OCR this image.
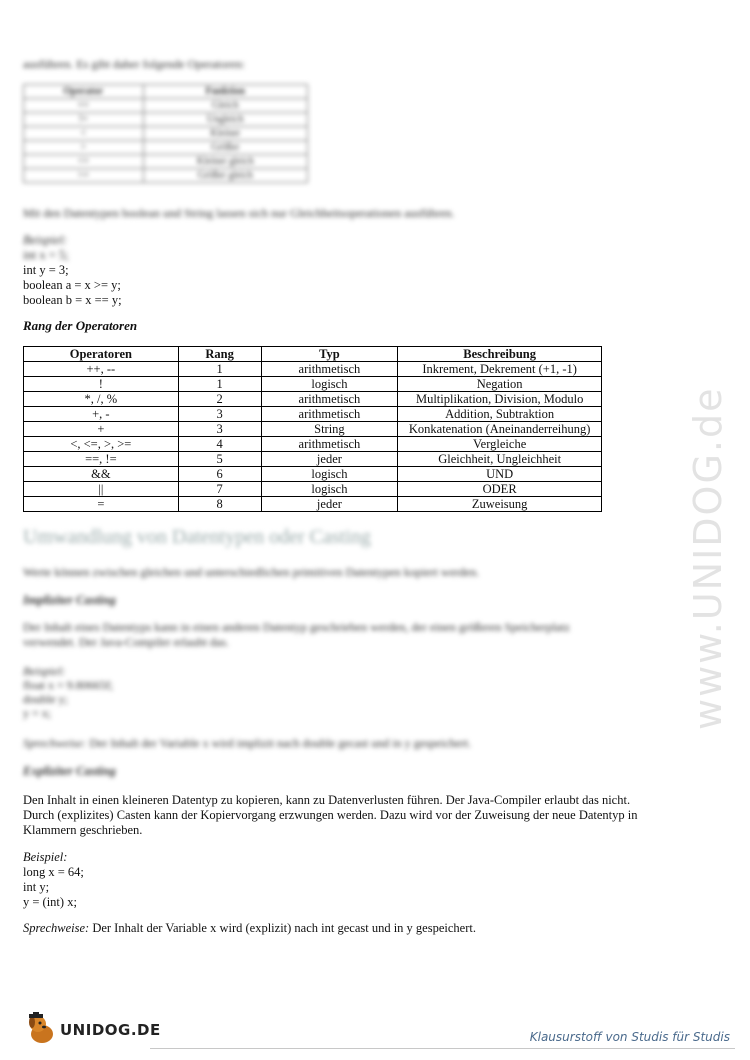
ausführen. Es gibt daher folgende Operatoren:
Operator	Funktion
==	Gleich
!=	Ungleich
<	Kleiner
>	Größer
<=	Kleiner gleich
>=	Größer gleich
Mit den Datentypen boolean und String lassen sich nur Gleichheitsoperationen ausführen.
Beispiel:
int x = 5;
int y = 3;
boolean a = x >= y;
boolean b = x == y;
Rang der Operatoren
Operatoren	Rang	Typ	Beschreibung
++, --	1	arithmetisch	Inkrement, Dekrement (+1, -1)
!	1	logisch	Negation
*, /, %	2	arithmetisch	Multiplikation, Division, Modulo
+, -	3	arithmetisch	Addition, Subtraktion
+	3	String	Konkatenation (Aneinanderreihung)
<, <=, >, >=	4	arithmetisch	Vergleiche
==, !=	5	jeder	Gleichheit, Ungleichheit
&&	6	logisch	UND
||	7	logisch	ODER
=	8	jeder	Zuweisung
Umwandlung von Datentypen oder Casting
Werte können zwischen gleichen und unterschiedlichen primitiven Datentypen kopiert werden.
Impliziter Casting
Der Inhalt eines Datentyps kann in einen anderen Datentyp geschrieben werden, der einen größeren Speicherplatz verwendet. Der Java-Compiler erlaubt das.
Beispiel:
float x = 9.80665f;
double y;
y = x;
Sprechweise: Der Inhalt der Variable x wird implizit nach double gecast und in y gespeichert.
Expliziter Casting

Den Inhalt in einen kleineren Datentyp zu kopieren, kann zu Datenverlusten führen. Der Java-Compiler erlaubt das nicht. Durch (explizites) Casten kann der Kopiervorgang erzwungen werden. Dazu wird vor der Zuweisung der neue Datentyp in Klammern geschrieben.

Beispiel:
long x = 64;
int y;
y = (int) x;
Sprechweise: Der Inhalt der Variable x wird (explizit) nach int gecast und in y gespeichert.
www.UNIDOG.de
UNIDOG.DE	Klausurstoff von Studis für Studis
